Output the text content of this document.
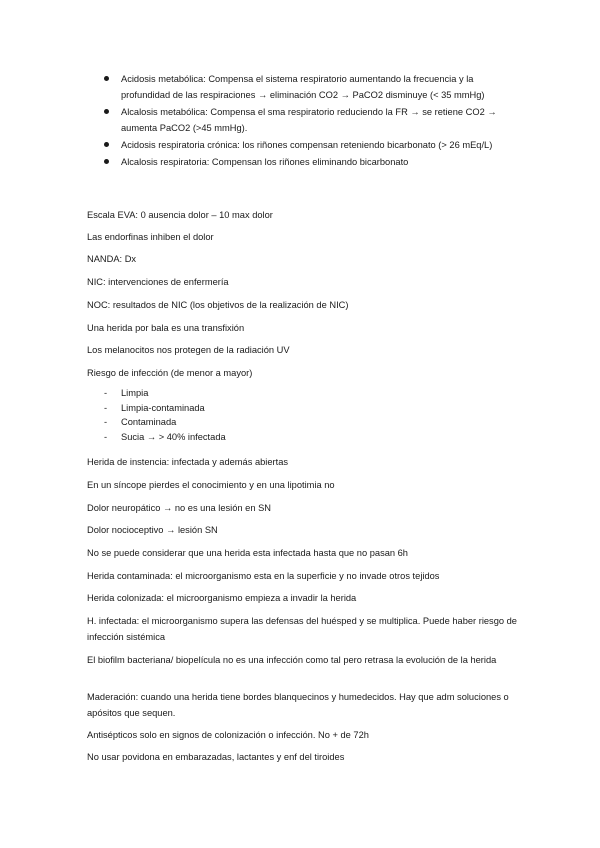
Acidosis metabólica: Compensa el sistema respiratorio aumentando la frecuencia y la profundidad de las respiraciones → eliminación CO2 → PaCO2 disminuye (< 35 mmHg)
Alcalosis metabólica: Compensa el sma respiratorio reduciendo la FR → se retiene CO2 → aumenta PaCO2 (>45 mmHg).
Acidosis respiratoria crónica: los riñones compensan reteniendo bicarbonato (> 26 mEq/L)
Alcalosis respiratoria: Compensan los riñones eliminando bicarbonato

Escala EVA: 0 ausencia dolor – 10 max dolor

Las endorfinas inhiben el dolor

NANDA: Dx

NIC: intervenciones de enfermería

NOC: resultados de NIC (los objetivos de la realización de NIC)

Una herida por bala es una transfixión

Los melanocitos nos protegen de la radiación UV

Riesgo de infección (de menor a mayor)

- Limpia
- Limpia-contaminada
- Contaminada
- Sucia → > 40% infectada

Herida de instencia: infectada y además abiertas

En un síncope pierdes el conocimiento y en una lipotimia no

Dolor neuropático → no es una lesión en SN

Dolor nocioceptivo → lesión SN

No se puede considerar que una herida esta infectada hasta que no pasan 6h

Herida contaminada: el microorganismo esta en la superficie y no invade otros tejidos

Herida colonizada: el microorganismo empieza a invadir la herida

H. infectada: el microorganismo supera las defensas del huésped y se multiplica. Puede haber riesgo de infección sistémica

El biofilm bacteriana/ biopelícula no es una infección como tal pero retrasa la evolución de la herida

Maderación: cuando una herida tiene bordes blanquecinos y humedecidos. Hay que adm soluciones o apósitos que sequen.

Antisépticos solo en signos de colonización o infección. No + de 72h

No usar povidona en embarazadas, lactantes y enf del tiroides
